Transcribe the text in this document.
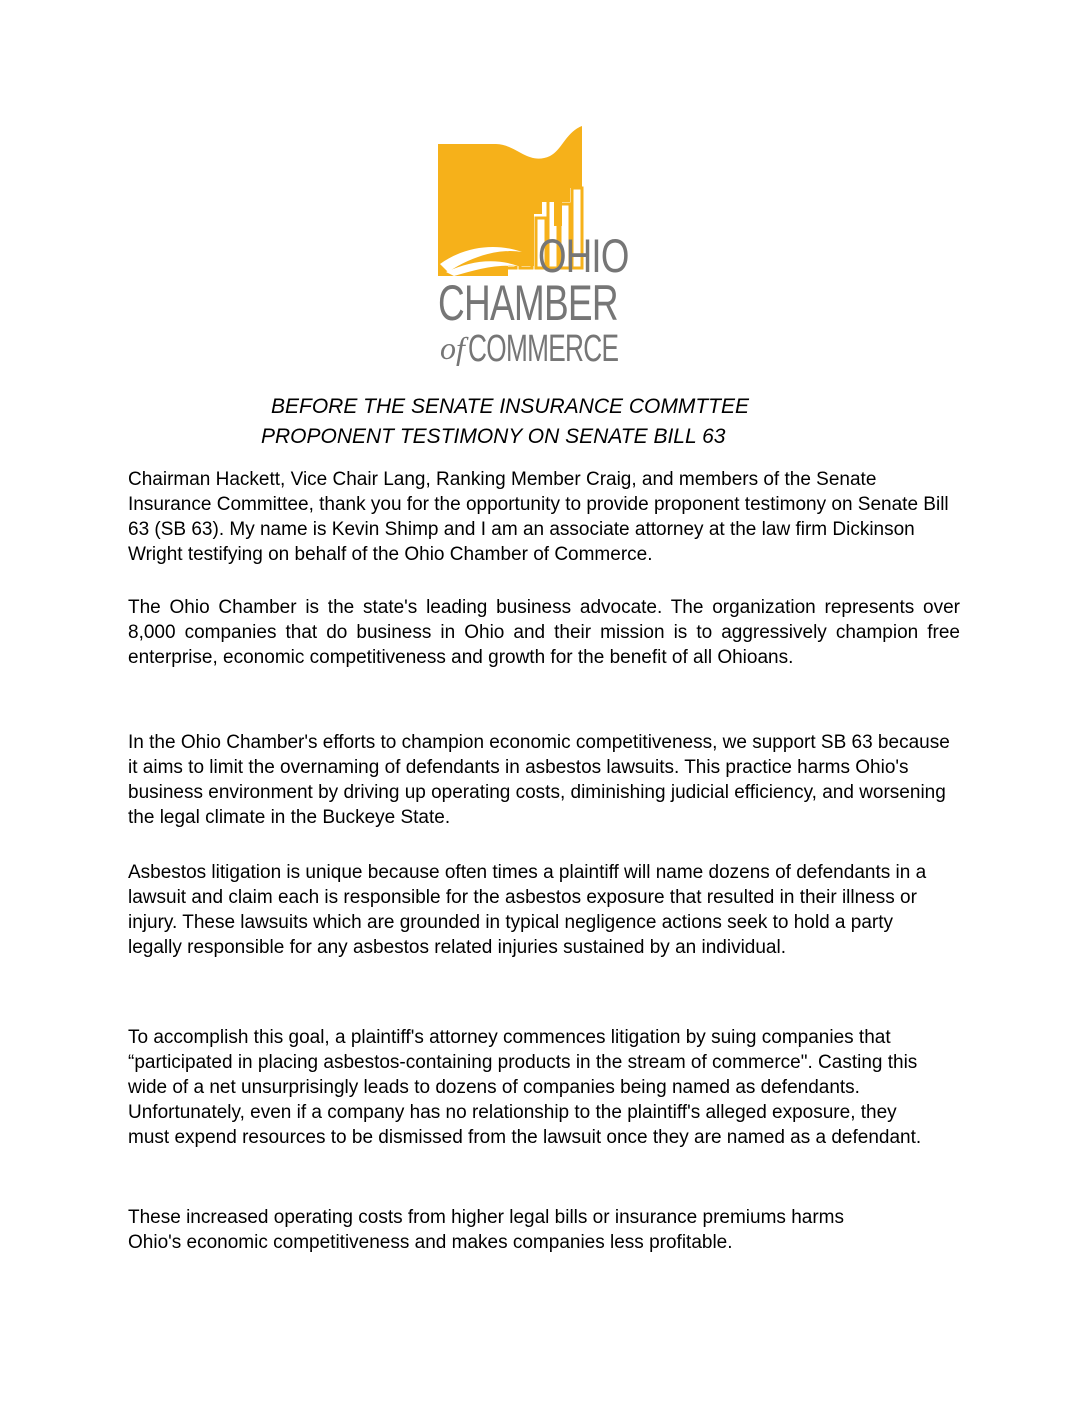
OHIO
CHAMBER
of COMMERCE
BEFORE THE SENATE INSURANCE COMMTTEE
PROPONENT TESTIMONY ON SENATE BILL 63

Chairman Hackett, Vice Chair Lang, Ranking Member Craig, and members of the Senate Insurance Committee, thank you for the opportunity to provide proponent testimony on Senate Bill 63 (SB 63). My name is Kevin Shimp and I am an associate attorney at the law firm Dickinson Wright testifying on behalf of the Ohio Chamber of Commerce.

The Ohio Chamber is the state's leading business advocate. The organization represents over 8,000 companies that do business in Ohio and their mission is to aggressively champion free enterprise, economic competitiveness and growth for the benefit of all Ohioans.

In the Ohio Chamber's efforts to champion economic competitiveness, we support SB 63 because it aims to limit the overnaming of defendants in asbestos lawsuits. This practice harms Ohio's business environment by driving up operating costs, diminishing judicial efficiency, and worsening the legal climate in the Buckeye State.

Asbestos litigation is unique because often times a plaintiff will name dozens of defendants in a lawsuit and claim each is responsible for the asbestos exposure that resulted in their illness or injury. These lawsuits which are grounded in typical negligence actions seek to hold a party legally responsible for any asbestos related injuries sustained by an individual.

To accomplish this goal, a plaintiff's attorney commences litigation by suing companies that “participated in placing asbestos-containing products in the stream of commerce". Casting this wide of a net unsurprisingly leads to dozens of companies being named as defendants. Unfortunately, even if a company has no relationship to the plaintiff's alleged exposure, they must expend resources to be dismissed from the lawsuit once they are named as a defendant.

These increased operating costs from higher legal bills or insurance premiums harms Ohio's economic competitiveness and makes companies less profitable.
